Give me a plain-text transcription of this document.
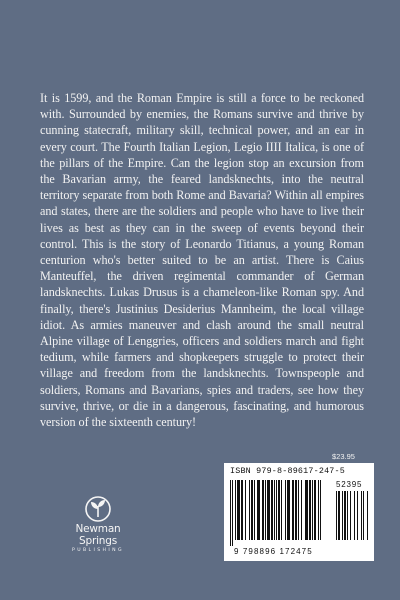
It is 1599, and the Roman Empire is still a force to be reckoned with. Surrounded by enemies, the Romans survive and thrive by cunning statecraft, military skill, technical power, and an ear in every court. The Fourth Italian Legion, Legio IIII Italica, is one of the pillars of the Empire. Can the legion stop an excursion from the Bavarian army, the feared landsknechts, into the neutral territory separate from both Rome and Bavaria? Within all empires and states, there are the soldiers and people who have to live their lives as best as they can in the sweep of events beyond their control. This is the story of Leonardo Titianus, a young Roman centurion who's better suited to be an artist. There is Caius Manteuffel, the driven regimental commander of German landsknechts. Lukas Drusus is a chameleon-like Roman spy. And finally, there's Justinius Desiderius Mannheim, the local village idiot. As armies maneuver and clash around the small neutral Alpine village of Lenggries, officers and soldiers march and fight tedium, while farmers and shopkeepers struggle to protect their village and freedom from the landsknechts. Townspeople and soldiers, Romans and Bavarians, spies and traders, see how they survive, thrive, or die in a dangerous, fascinating, and humorous version of the sixteenth century!
$23.95
ISBN 979-8-89617-247-5
52395
9 798896 172475
Newman Springs
PUBLISHING
